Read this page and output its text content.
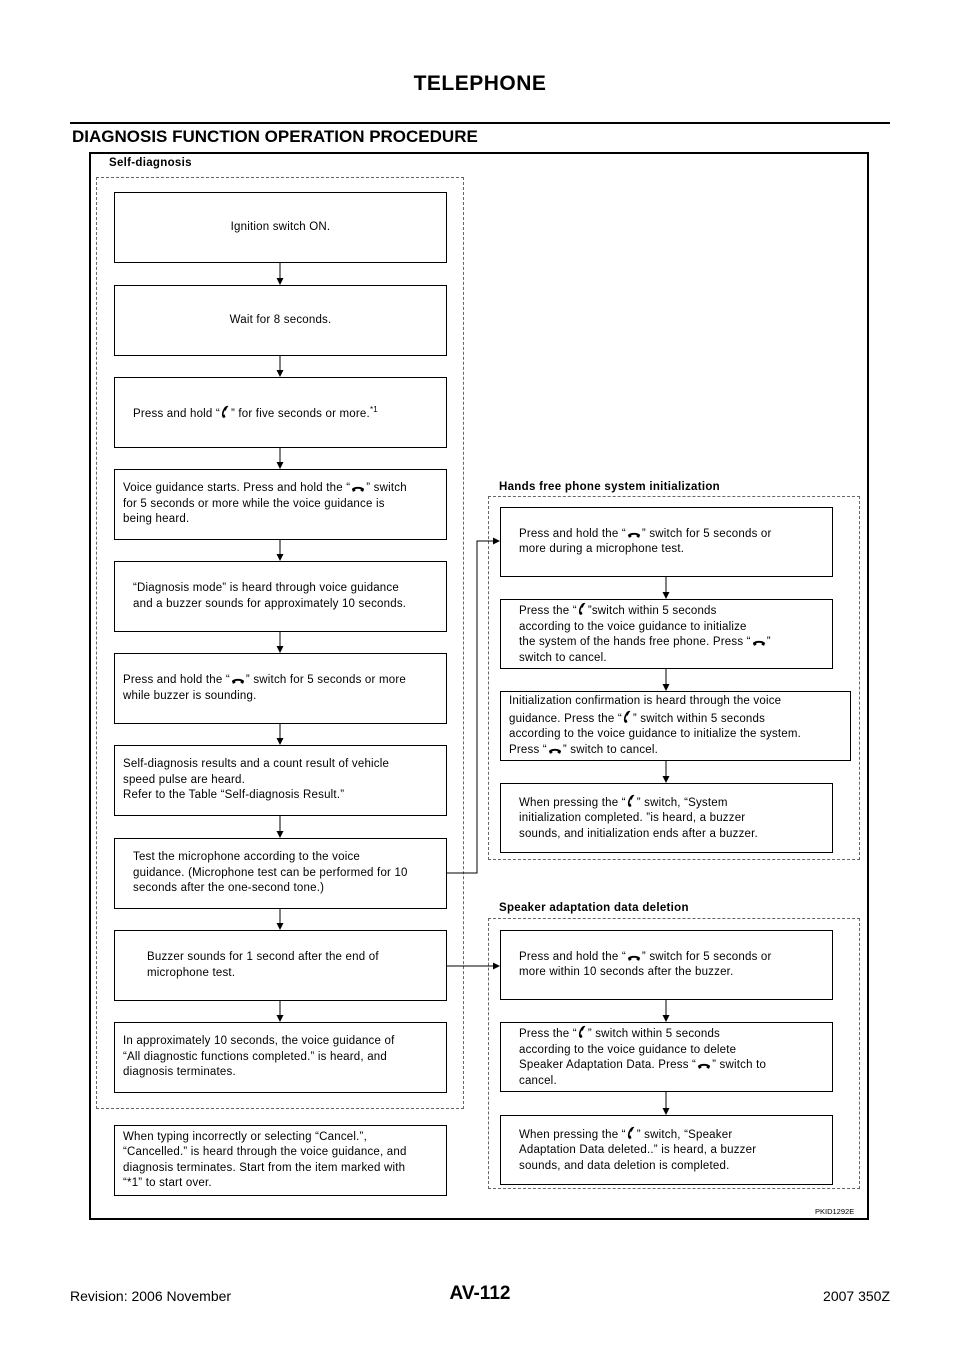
TELEPHONE
DIAGNOSIS FUNCTION OPERATION PROCEDURE
Self-diagnosis
Hands free phone system initialization
Speaker adaptation data deletion
Ignition switch ON.
Wait for 8 seconds.
Press and hold “ ” for five seconds or more.$^{*1}$
Voice guidance starts. Press and hold the “ ” switch
for 5 seconds or more while the voice guidance is
being heard.
“Diagnosis mode” is heard through voice guidance
and a buzzer sounds for approximately 10 seconds.
Press and hold the “ ” switch for 5 seconds or more
while buzzer is sounding.
Self-diagnosis results and a count result of vehicle
speed pulse are heard.
Refer to the Table “Self-diagnosis Result.”
Test the microphone according to the voice
guidance. (Microphone test can be performed for 10
seconds after the one-second tone.)
Buzzer sounds for 1 second after the end of
microphone test.
In approximately 10 seconds, the voice guidance of
“All diagnostic functions completed.” is heard, and
diagnosis terminates.
When typing incorrectly or selecting “Cancel.”,
“Cancelled.” is heard through the voice guidance, and
diagnosis terminates. Start from the item marked with
“*1” to start over.
Press and hold the “ ” switch for 5 seconds or
more during a microphone test.
Press the “ ”switch within 5 seconds
according to the voice guidance to initialize
the system of the hands free phone. Press “ ”
switch to cancel.
Initialization confirmation is heard through the voice
guidance. Press the “ ” switch within 5 seconds
according to the voice guidance to initialize the system.
Press “ ” switch to cancel.
When pressing the “ ” switch, “System
initialization completed. ”is heard, a buzzer
sounds, and initialization ends after a buzzer.
Press and hold the “ ” switch for 5 seconds or
more within 10 seconds after the buzzer.
Press the “ ” switch within 5 seconds
according to the voice guidance to delete
Speaker Adaptation Data. Press “ ” switch to
cancel.
When pressing the “ ” switch, “Speaker
Adaptation Data deleted..” is heard, a buzzer
sounds, and data deletion is completed.
PKID1292E
Revision: 2006 November	AV-112	2007 350Z
